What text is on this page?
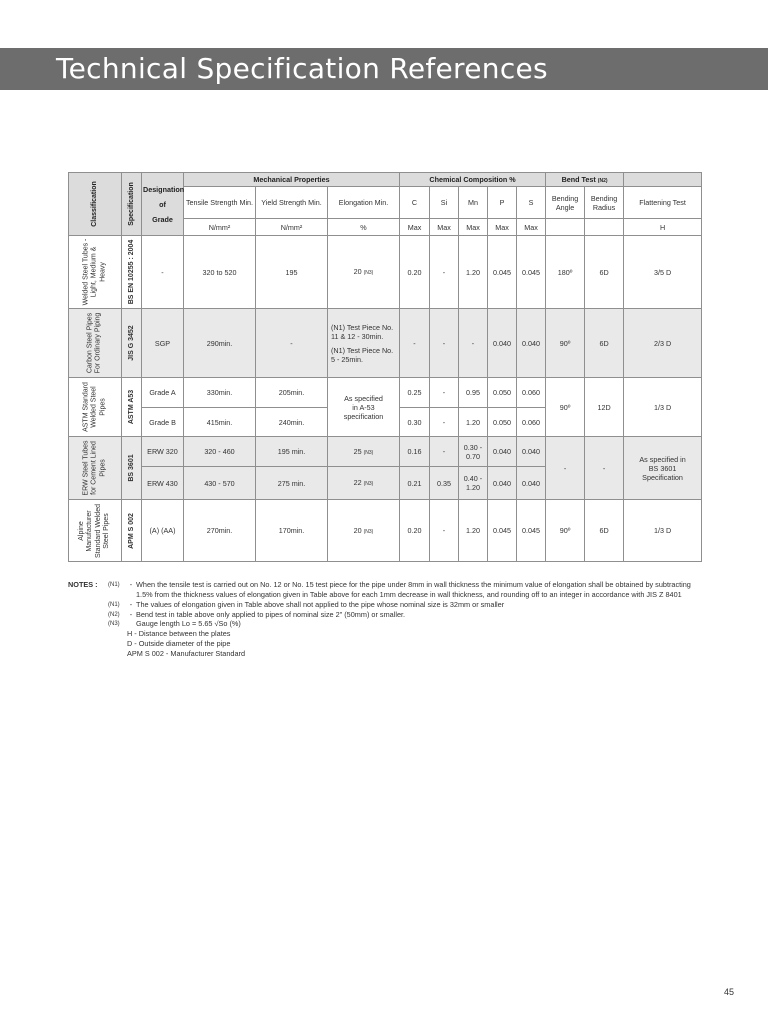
Technical Specification References
Classification	Specification	Designation
of
Grade	Mechanical Properties			Chemical Composition %					Bend Test (N2)		
			Tensile Strength Min.	Yield Strength Min.	Elongation Min.	C	Si	Mn	P	S	Bending Angle	Bending Radius	Flattening Test
			N/mm²	N/mm²	%	Max	Max	Max	Max	Max			H

Welded Steel Tubes - Light, Medium & Heavy	BS EN 10255 : 2004	-	320 to 520	195	20 (N3)	0.20	-	1.20	0.045	0.045	180º	6D	3/5 D

Carbon Steel Pipes For Ordinary Piping	JIS G 3452	SGP	290min.	-	(N1) Test Piece No. 11 & 12 - 30min.
(N1) Test Piece No. 5 - 25min.	-	-	-	0.040	0.040	90º	6D	2/3 D

ASTM Standard Welded Steel Pipes	ASTM A53	Grade A	330min.	205min.	As specified in A-53 specification	0.25	-	0.95	0.050	0.060	90º	12D	1/3 D
		Grade B	415min.	240min.		0.30	-	1.20	0.050	0.060			

ERW Steel Tubes for Cement Lined Pipes	BS 3601	ERW 320	320 - 460	195 min.	25 (N3)	0.16	-	0.30 - 0.70	0.040	0.040	-	-	As specified in BS 3601 Specification
		ERW 430	430 - 570	275 min.	22 (N3)	0.21	0.35	0.40 - 1.20	0.040	0.040			

Alpine Manufacturer Standard Welded Steel Pipes	APM S 002	(A) (AA)	270min.	170min.	20 (N3)	0.20	-	1.20	0.045	0.045	90º	6D	1/3 D
NOTES :	(N1)	- When the tensile test is carried out on No. 12 or No. 15 test piece for the pipe under 8mm in wall thickness the minimum value of elongation shall be obtained by subtracting 1.5% from the thickness values of elongation given in Table above for each 1mm decrease in wall thickness, and rounding off to an integer in accordance with JIS Z 8401
(N1)	- The values of elongation given in Table above shall not applied to the pipe whose nominal size is 32mm or smaller
(N2)	- Bend test in table above only applied to pipes of nominal size 2" (50mm) or smaller.
(N3)	Gauge length Lo = 5.65 √So (%)
H - Distance between the plates
D - Outside diameter of the pipe
APM S 002 - Manufacturer Standard
45
